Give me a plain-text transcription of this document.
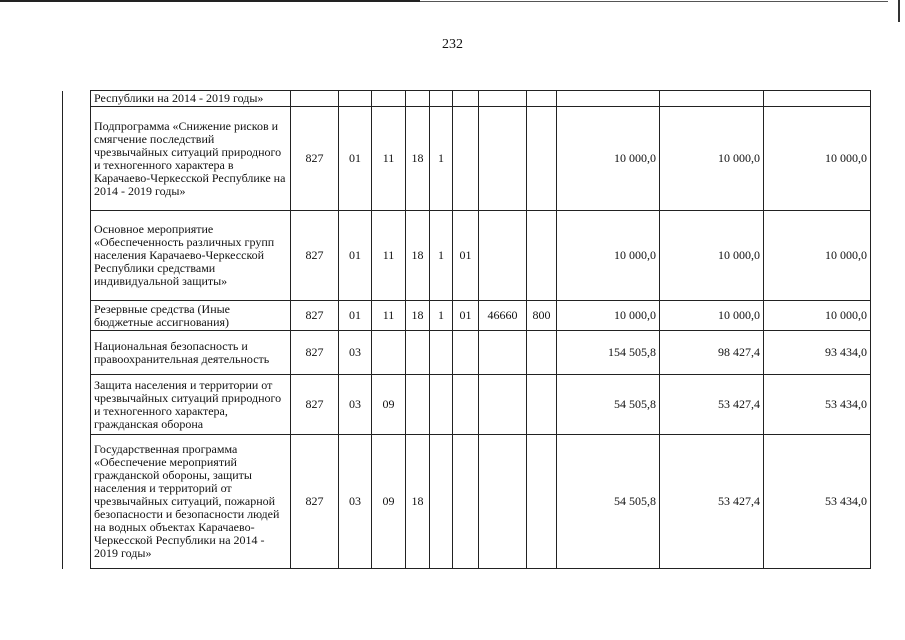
232
	Республики на 2014 - 2019 годы»											
	Подпрограмма «Снижение рисков и смягчение последствий чрезвычайных ситуаций природного и техногенного характера в Карачаево-Черкесской Республике на 2014 - 2019 годы»	827	01	11	18	1				10 000,0	10 000,0	10 000,0
	Основное мероприятие «Обеспеченность различных групп населения Карачаево-Черкесской Республики средствами индивидуальной защиты»	827	01	11	18	1	01			10 000,0	10 000,0	10 000,0
	Резервные средства (Иные бюджетные ассигнования)	827	01	11	18	1	01	46660	800	10 000,0	10 000,0	10 000,0
	Национальная безопасность и правоохранительная деятельность	827	03							154 505,8	98 427,4	93 434,0
	Защита населения и территории от чрезвычайных ситуаций природного и техногенного характера, гражданская оборона	827	03	09						54 505,8	53 427,4	53 434,0
	Государственная программа «Обеспечение мероприятий гражданской обороны, защиты населения и территорий от чрезвычайных ситуаций, пожарной безопасности и безопасности людей на водных объектах Карачаево-Черкесской Республики на 2014 - 2019 годы»	827	03	09	18					54 505,8	53 427,4	53 434,0
